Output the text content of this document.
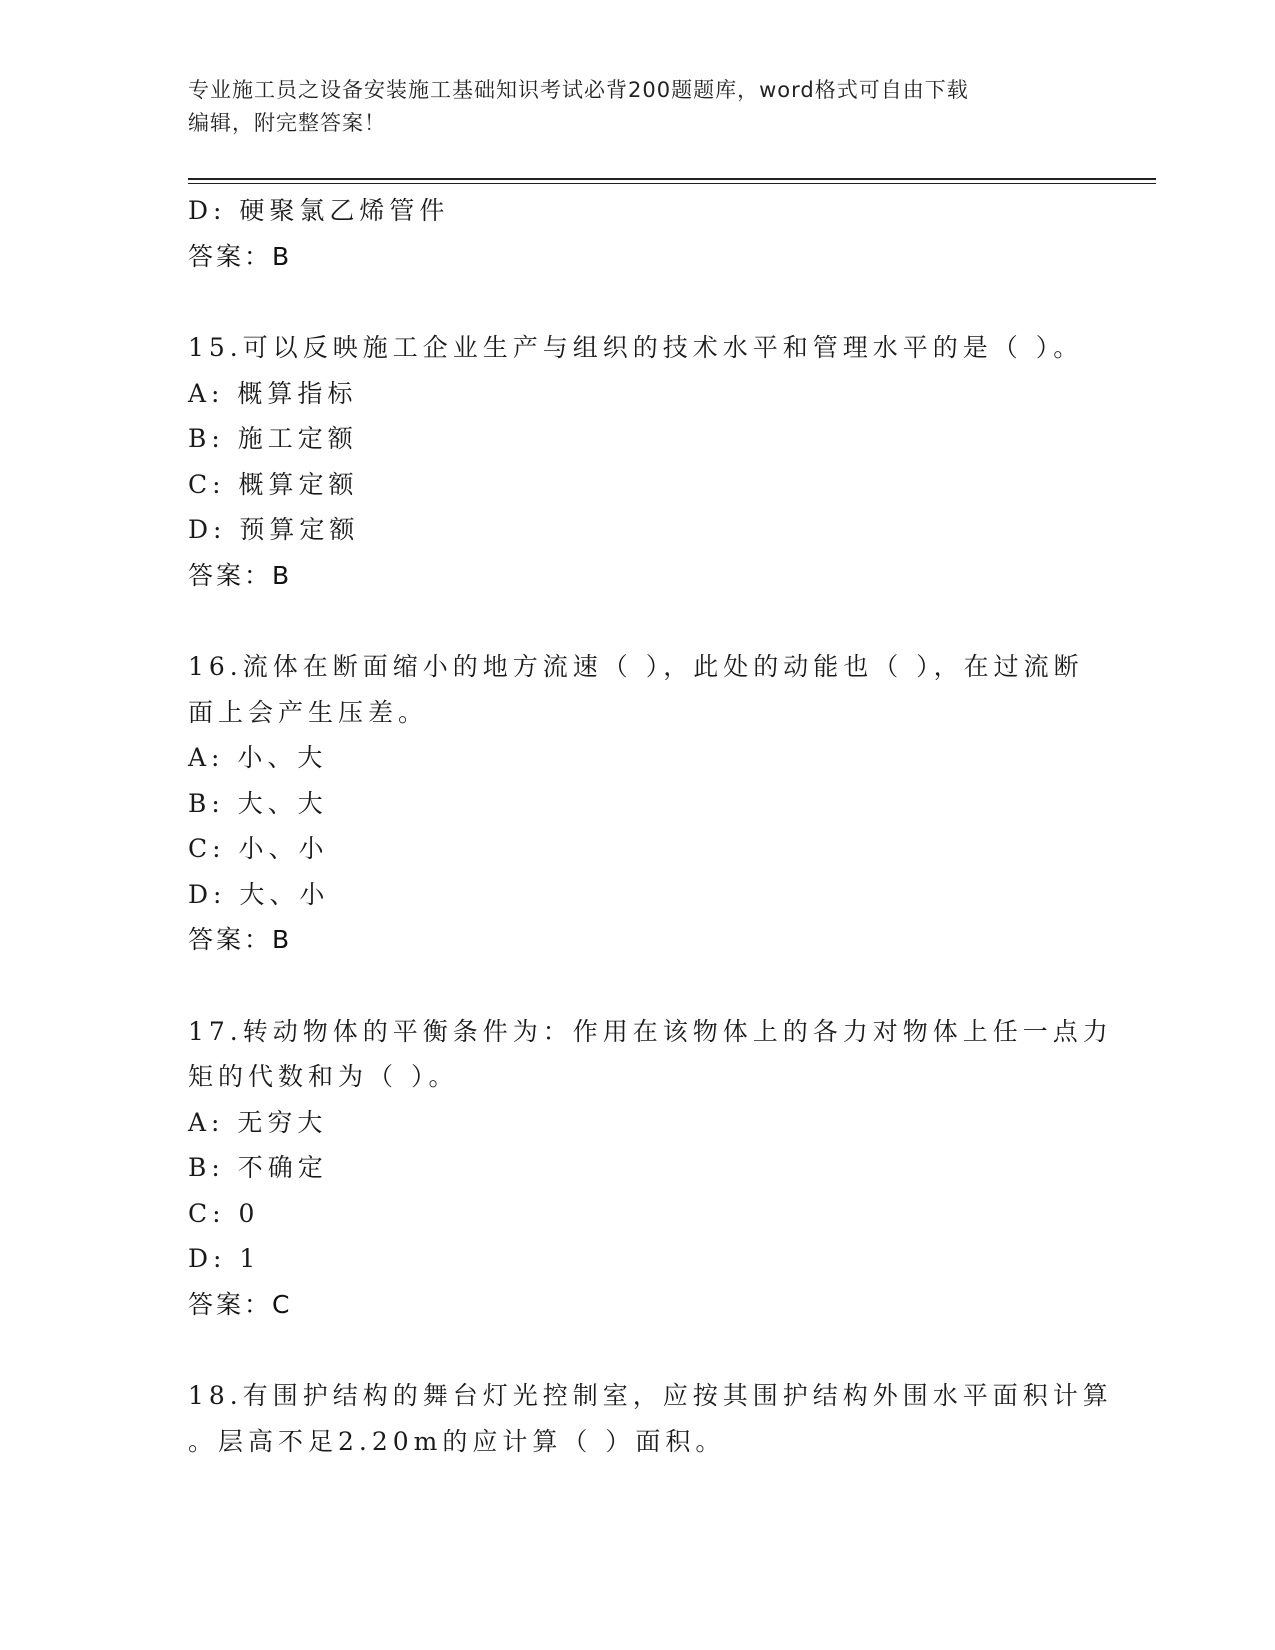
专业施工员之设备安装施工基础知识考试必背200题题库，word格式可自由下载
编辑，附完整答案！
D: 硬聚氯乙烯管件
答案：B
15.可以反映施工企业生产与组织的技术水平和管理水平的是（ ）。
A: 概算指标
B: 施工定额
C: 概算定额
D: 预算定额
答案：B
16.流体在断面缩小的地方流速（ ），此处的动能也（ ），在过流断
面上会产生压差。
A: 小、大
B: 大、大
C: 小、小
D: 大、小
答案：B
17.转动物体的平衡条件为：作用在该物体上的各力对物体上任一点力
矩的代数和为（ ）。
A: 无穷大
B: 不确定
C: 0
D: 1
答案：C
18.有围护结构的舞台灯光控制室，应按其围护结构外围水平面积计算
。层高不足2.20m的应计算（ ）面积。
